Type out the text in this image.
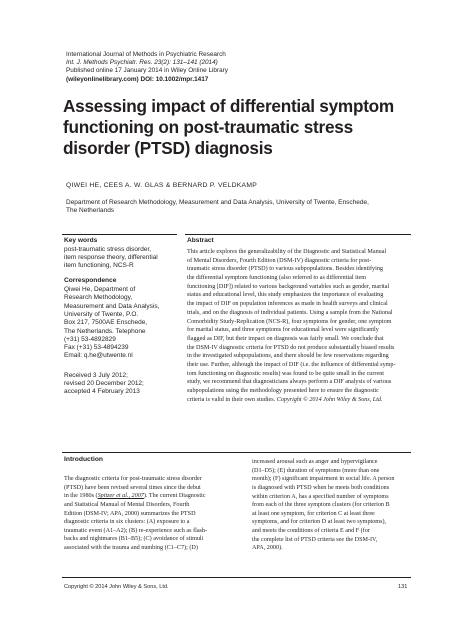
International Journal of Methods in Psychiatric Research
Int. J. Methods Psychiatr. Res. 23(2): 131–141 (2014)
Published online 17 January 2014 in Wiley Online Library
(wileyonlinelibrary.com) DOI: 10.1002/mpr.1417
Assessing impact of differential symptom
functioning on post-traumatic stress
disorder (PTSD) diagnosis
QIWEI HE, CEES A. W. GLAS & BERNARD P. VELDKAMP
Department of Research Methodology, Measurement and Data Analysis, University of Twente, Enschede,
The Netherlands
Key words
post-traumatic stress disorder,
item response theory, differential
item functioning, NCS-R
Correspondence
Qiwei He, Department of
Research Methodology,
Measurement and Data Analysis,
University of Twente, P.O.
Box 217, 7500AE Enschede,
The Netherlands. Telephone
(+31) 53-4892829
Fax (+31) 53-4894239
Email: q.he@utwente.nl
Received 3 July 2012;
revised 20 December 2012;
accepted 4 February 2013
Abstract
This article explores the generalizability of the Diagnostic and Statistical Manual
of Mental Disorders, Fourth Edition (DSM-IV) diagnostic criteria for post-
traumatic stress disorder (PTSD) to various subpopulations. Besides identifying
the differential symptom functioning (also referred to as differential item
functioning [DIF]) related to various background variables such as gender, marital
status and educational level, this study emphasizes the importance of evaluating
the impact of DIF on population inferences as made in health surveys and clinical
trials, and on the diagnosis of individual patients. Using a sample from the National
Comorbidity Study-Replication (NCS-R), four symptoms for gender, one symptom
for marital status, and three symptoms for educational level were significantly
flagged as DIF, but their impact on diagnosis was fairly small. We conclude that
the DSM-IV diagnostic criteria for PTSD do not produce substantially biased results
in the investigated subpopulations, and there should be few reservations regarding
their use. Further, although the impact of DIF (i.e. the influence of differential symp-
tom functioning on diagnostic results) was found to be quite small in the current
study, we recommend that diagnosticians always perform a DIF analysis of various
subpopulations using the methodology presented here to ensure the diagnostic
criteria is valid in their own studies. Copyright © 2014 John Wiley & Sons, Ltd.
Introduction
The diagnostic criteria for post-traumatic stress disorder
(PTSD) have been revised several times since the debut
in the 1980s (Spitzer et al., 2007). The current Diagnostic
and Statistical Manual of Mental Disorders, Fourth
Edition (DSM-IV; APA, 2000) summarizes the PTSD
diagnostic criteria in six clusters: (A) exposure to a
traumatic event (A1–A2); (B) re-experience such as flash-
backs and nightmares (B1–B5); (C) avoidance of stimuli
associated with the trauma and numbing (C1–C7); (D)
increased arousal such as anger and hypervigilance
(D1–D5); (E) duration of symptoms (more than one
month); (F) significant impairment in social life. A person
is diagnosed with PTSD when he meets both conditions
within criterion A, has a specified number of symptoms
from each of the three symptom clusters (for criterion B
at least one symptom, for criterion C at least three
symptoms, and for criterion D at least two symptoms),
and meets the conditions of criteria E and F (for
the complete list of PTSD criteria see the DSM-IV,
APA, 2000).
Copyright © 2014 John Wiley & Sons, Ltd.	131
